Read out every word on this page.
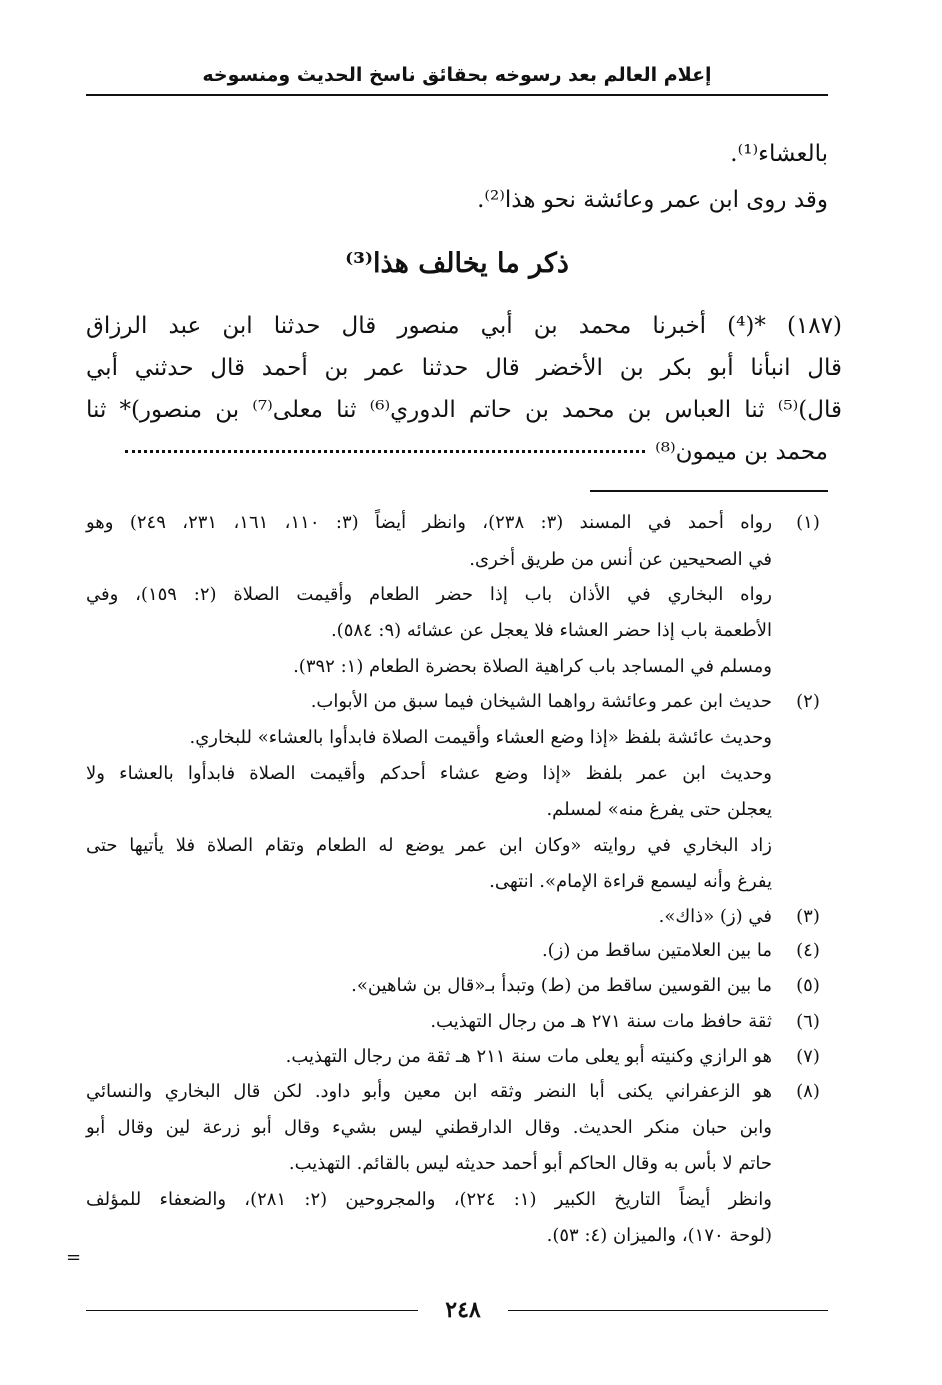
إعلام العالم بعد رسوخه بحقائق ناسخ الحديث ومنسوخه
بالعشاء⁽¹⁾.
وقد روى ابن عمر وعائشة نحو هذا⁽²⁾.
ذكر ما يخالف هذا⁽³⁾
(١٨٧) *(⁴) أخبرنا محمد بن أبي منصور قال حدثنا ابن عبد الرزاق
قال انبأنا أبو بكر بن الأخضر قال حدثنا عمر بن أحمد قال حدثني أبي
قال)⁽⁵⁾ ثنا العباس بن محمد بن حاتم الدوري⁽⁶⁾ ثنا معلى⁽⁷⁾ بن منصور)* ثنا
محمد بن ميمون⁽⁸⁾
(١)
رواه أحمد في المسند (٣: ٢٣٨)، وانظر أيضاً (٣: ١١٠، ١٦١، ٢٣١، ٢٤٩) وهو
في الصحيحين عن أنس من طريق أخرى.
رواه البخاري في الأذان باب إذا حضر الطعام وأقيمت الصلاة (٢: ١٥٩)، وفي
الأطعمة باب إذا حضر العشاء فلا يعجل عن عشائه (٩: ٥٨٤).
ومسلم في المساجد باب كراهية الصلاة بحضرة الطعام (١: ٣٩٢).
(٢)
حديث ابن عمر وعائشة رواهما الشيخان فيما سبق من الأبواب.
وحديث عائشة بلفظ «إذا وضع العشاء وأقيمت الصلاة فابدأوا بالعشاء» للبخاري.
وحديث ابن عمر بلفظ «إذا وضع عشاء أحدكم وأقيمت الصلاة فابدأوا بالعشاء ولا
يعجلن حتى يفرغ منه» لمسلم.
زاد البخاري في روايته «وكان ابن عمر يوضع له الطعام وتقام الصلاة فلا يأتيها حتى
يفرغ وأنه ليسمع قراءة الإمام». انتهى.
(٣)
في (ز) «ذاك».
(٤)
ما بين العلامتين ساقط من (ز).
(٥)
ما بين القوسين ساقط من (ط) وتبدأ بـ«قال بن شاهين».
(٦)
ثقة حافظ مات سنة ٢٧١ هـ من رجال التهذيب.
(٧)
هو الرازي وكنيته أبو يعلى مات سنة ٢١١ هـ ثقة من رجال التهذيب.
(٨)
هو الزعفراني يكنى أبا النضر وثقه ابن معين وأبو داود. لكن قال البخاري والنسائي
وابن حبان منكر الحديث. وقال الدارقطني ليس بشيء وقال أبو زرعة لين وقال أبو
حاتم لا بأس به وقال الحاكم أبو أحمد حديثه ليس بالقائم. التهذيب.
وانظر أيضاً التاريخ الكبير (١: ٢٢٤)، والمجروحين (٢: ٢٨١)، والضعفاء للمؤلف
(لوحة ١٧٠)، والميزان (٤: ٥٣).
=
٢٤٨
